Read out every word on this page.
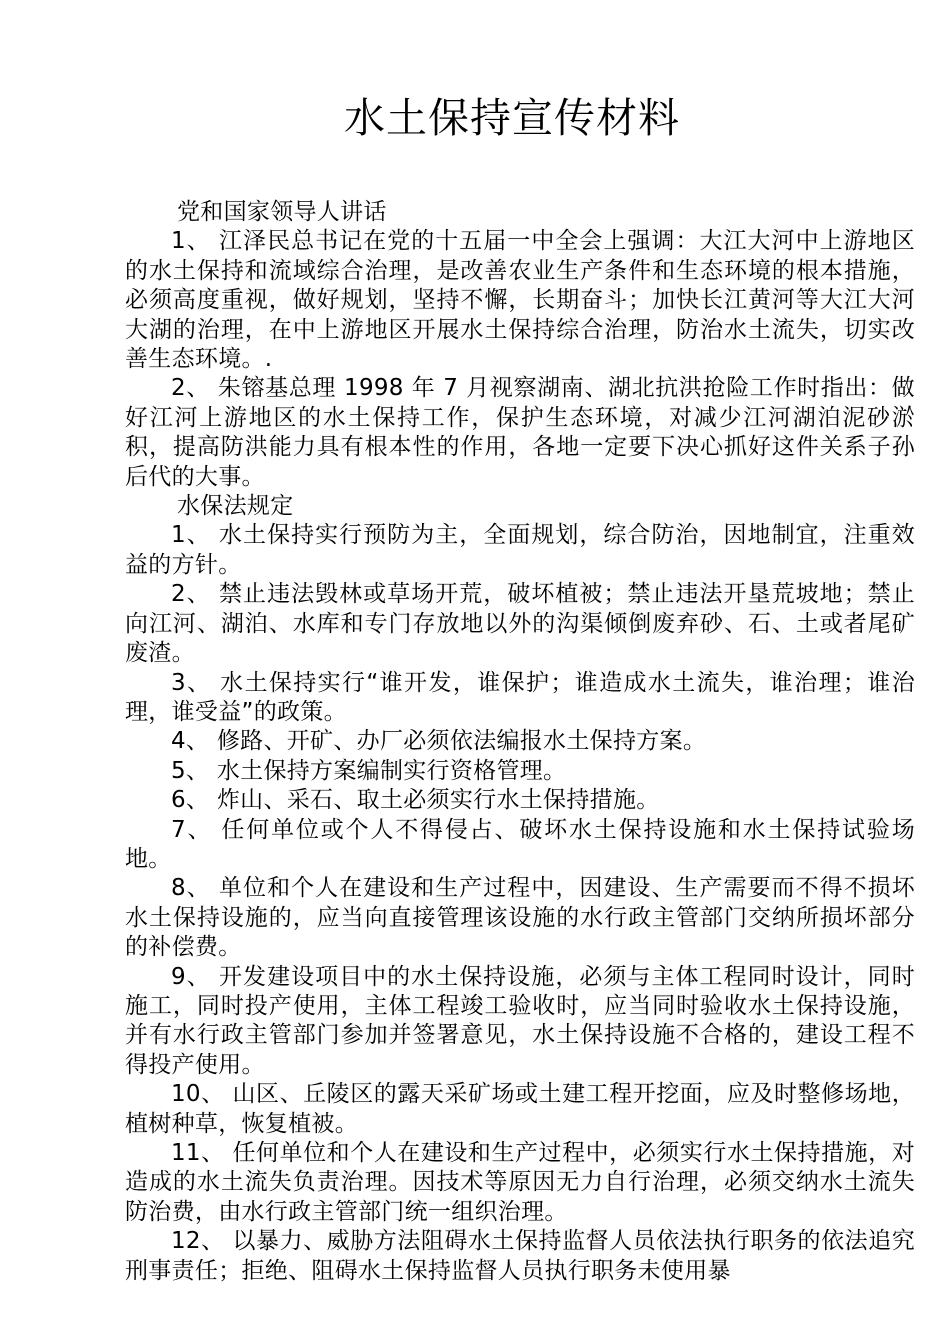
水土保持宣传材料

党和国家领导人讲话

1、 江泽民总书记在党的十五届一中全会上强调：大江大河中上游地区的水土保持和流域综合治理，是改善农业生产条件和生态环境的根本措施，必须高度重视，做好规划，坚持不懈，长期奋斗；加快长江黄河等大江大河大湖的治理，在中上游地区开展水土保持综合治理，防治水土流失，切实改善生态环境。.

2、 朱镕基总理 1998 年 7 月视察湖南、湖北抗洪抢险工作时指出：做好江河上游地区的水土保持工作，保护生态环境，对减少江河湖泊泥砂淤积，提高防洪能力具有根本性的作用，各地一定要下决心抓好这件关系子孙后代的大事。

水保法规定

1、 水土保持实行预防为主，全面规划，综合防治，因地制宜，注重效益的方针。

2、 禁止违法毁林或草场开荒，破坏植被；禁止违法开垦荒坡地；禁止向江河、湖泊、水库和专门存放地以外的沟渠倾倒废弃砂、石、土或者尾矿废渣。

3、 水土保持实行“谁开发，谁保护；谁造成水土流失，谁治理；谁治理，谁受益”的政策。

4、 修路、开矿、办厂必须依法编报水土保持方案。

5、 水土保持方案编制实行资格管理。

6、 炸山、采石、取土必须实行水土保持措施。

7、 任何单位或个人不得侵占、破坏水土保持设施和水土保持试验场地。

8、 单位和个人在建设和生产过程中，因建设、生产需要而不得不损坏水土保持设施的，应当向直接管理该设施的水行政主管部门交纳所损坏部分的补偿费。

9、 开发建设项目中的水土保持设施，必须与主体工程同时设计，同时施工，同时投产使用，主体工程竣工验收时，应当同时验收水土保持设施，并有水行政主管部门参加并签署意见，水土保持设施不合格的，建设工程不得投产使用。

10、 山区、丘陵区的露天采矿场或土建工程开挖面，应及时整修场地，植树种草，恢复植被。

11、 任何单位和个人在建设和生产过程中，必须实行水土保持措施，对造成的水土流失负责治理。因技术等原因无力自行治理，必须交纳水土流失防治费，由水行政主管部门统一组织治理。

12、 以暴力、威胁方法阻碍水土保持监督人员依法执行职务的依法追究刑事责任；拒绝、阻碍水土保持监督人员执行职务未使用暴
